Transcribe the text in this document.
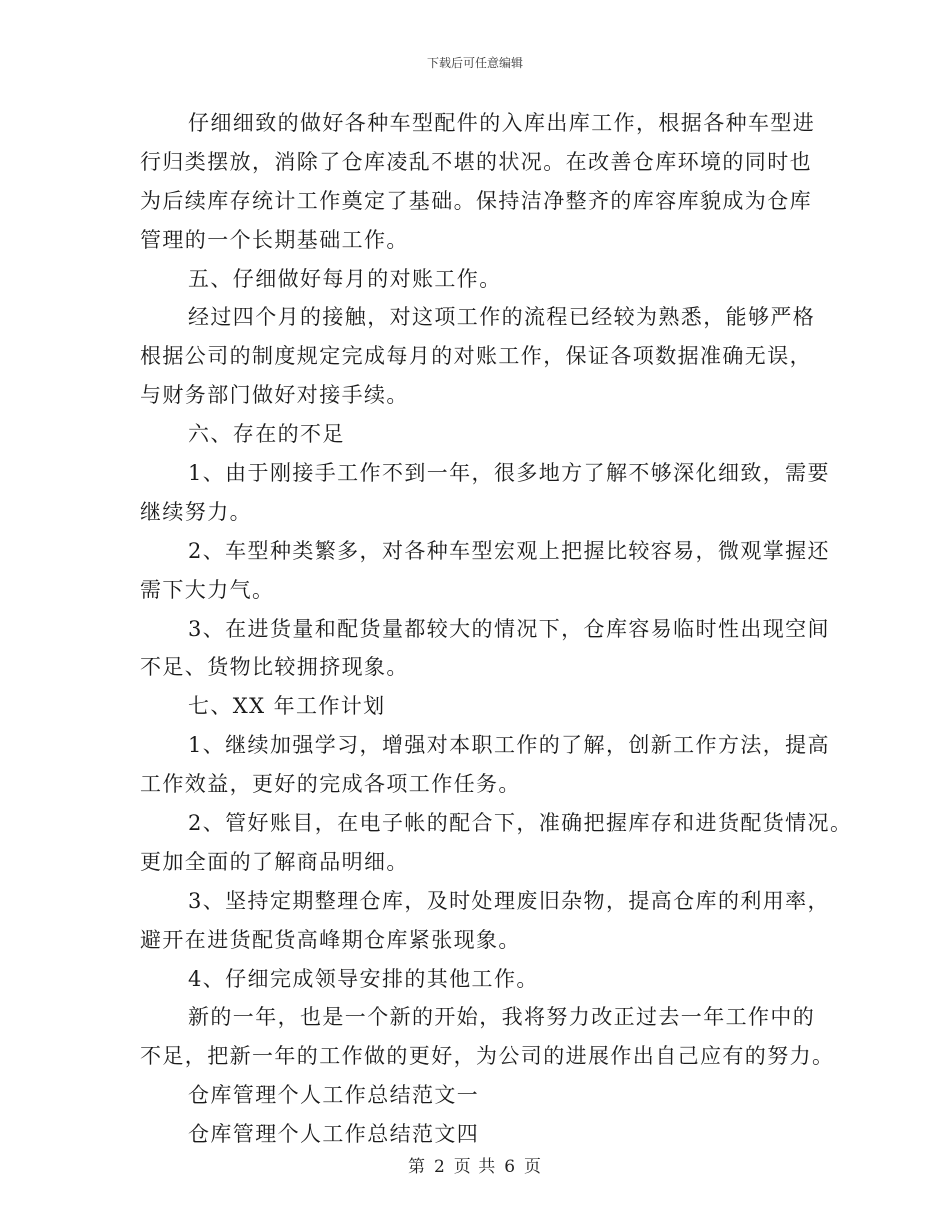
下载后可任意编辑
仔细细致的做好各种车型配件的入库出库工作，根据各种车型进
行归类摆放，消除了仓库凌乱不堪的状况。在改善仓库环境的同时也
为后续库存统计工作奠定了基础。保持洁净整齐的库容库貌成为仓库
管理的一个长期基础工作。
五、仔细做好每月的对账工作。
经过四个月的接触，对这项工作的流程已经较为熟悉，能够严格
根据公司的制度规定完成每月的对账工作，保证各项数据准确无误，
与财务部门做好对接手续。
六、存在的不足
1、由于刚接手工作不到一年，很多地方了解不够深化细致，需要
继续努力。
2、车型种类繁多，对各种车型宏观上把握比较容易，微观掌握还
需下大力气。
3、在进货量和配货量都较大的情况下，仓库容易临时性出现空间
不足、货物比较拥挤现象。
七、XX 年工作计划
1、继续加强学习，增强对本职工作的了解，创新工作方法，提高
工作效益，更好的完成各项工作任务。
2、管好账目，在电子帐的配合下，准确把握库存和进货配货情况。
更加全面的了解商品明细。
3、坚持定期整理仓库，及时处理废旧杂物，提高仓库的利用率，
避开在进货配货高峰期仓库紧张现象。
4、仔细完成领导安排的其他工作。
新的一年，也是一个新的开始，我将努力改正过去一年工作中的
不足，把新一年的工作做的更好，为公司的进展作出自己应有的努力。
仓库管理个人工作总结范文一
仓库管理个人工作总结范文四
第 2 页 共 6 页
